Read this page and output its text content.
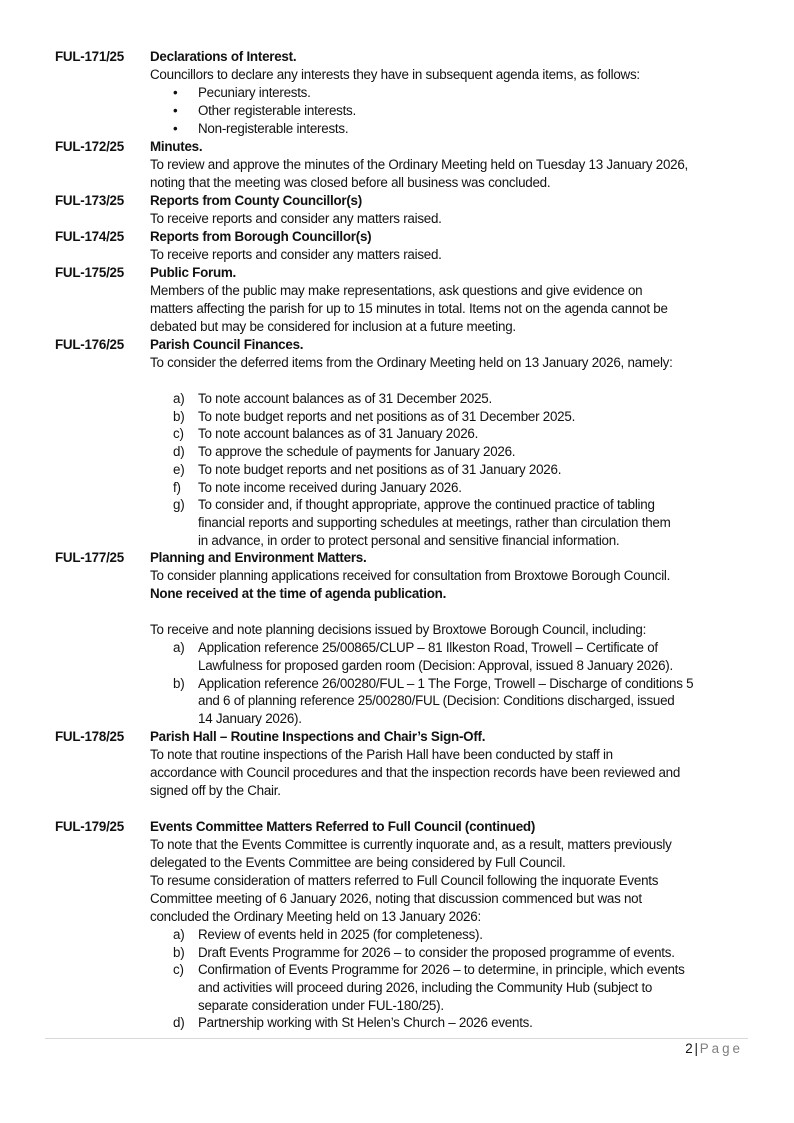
FUL-171/25	Declarations of Interest.
Councillors to declare any interests they have in subsequent agenda items, as follows:
• Pecuniary interests.
• Other registerable interests.
• Non-registerable interests.
FUL-172/25	Minutes.
To review and approve the minutes of the Ordinary Meeting held on Tuesday 13 January 2026,
noting that the meeting was closed before all business was concluded.
FUL-173/25	Reports from County Councillor(s)
To receive reports and consider any matters raised.
FUL-174/25	Reports from Borough Councillor(s)
To receive reports and consider any matters raised.
FUL-175/25	Public Forum.
Members of the public may make representations, ask questions and give evidence on
matters affecting the parish for up to 15 minutes in total. Items not on the agenda cannot be
debated but may be considered for inclusion at a future meeting.
FUL-176/25	Parish Council Finances.
To consider the deferred items from the Ordinary Meeting held on 13 January 2026, namely:
a) To note account balances as of 31 December 2025.
b) To note budget reports and net positions as of 31 December 2025.
c) To note account balances as of 31 January 2026.
d) To approve the schedule of payments for January 2026.
e) To note budget reports and net positions as of 31 January 2026.
f) To note income received during January 2026.
g) To consider and, if thought appropriate, approve the continued practice of tabling
financial reports and supporting schedules at meetings, rather than circulation them
in advance, in order to protect personal and sensitive financial information.
FUL-177/25	Planning and Environment Matters.
To consider planning applications received for consultation from Broxtowe Borough Council.
None received at the time of agenda publication.
To receive and note planning decisions issued by Broxtowe Borough Council, including:
a) Application reference 25/00865/CLUP – 81 Ilkeston Road, Trowell – Certificate of
Lawfulness for proposed garden room (Decision: Approval, issued 8 January 2026).
b) Application reference 26/00280/FUL – 1 The Forge, Trowell – Discharge of conditions 5
and 6 of planning reference 25/00280/FUL (Decision: Conditions discharged, issued
14 January 2026).
FUL-178/25	Parish Hall – Routine Inspections and Chair’s Sign-Off.
To note that routine inspections of the Parish Hall have been conducted by staff in
accordance with Council procedures and that the inspection records have been reviewed and
signed off by the Chair.
FUL-179/25	Events Committee Matters Referred to Full Council (continued)
To note that the Events Committee is currently inquorate and, as a result, matters previously
delegated to the Events Committee are being considered by Full Council.
To resume consideration of matters referred to Full Council following the inquorate Events
Committee meeting of 6 January 2026, noting that discussion commenced but was not
concluded the Ordinary Meeting held on 13 January 2026:
a) Review of events held in 2025 (for completeness).
b) Draft Events Programme for 2026 – to consider the proposed programme of events.
c) Confirmation of Events Programme for 2026 – to determine, in principle, which events
and activities will proceed during 2026, including the Community Hub (subject to
separate consideration under FUL-180/25).
d) Partnership working with St Helen’s Church – 2026 events.
2 | Page
